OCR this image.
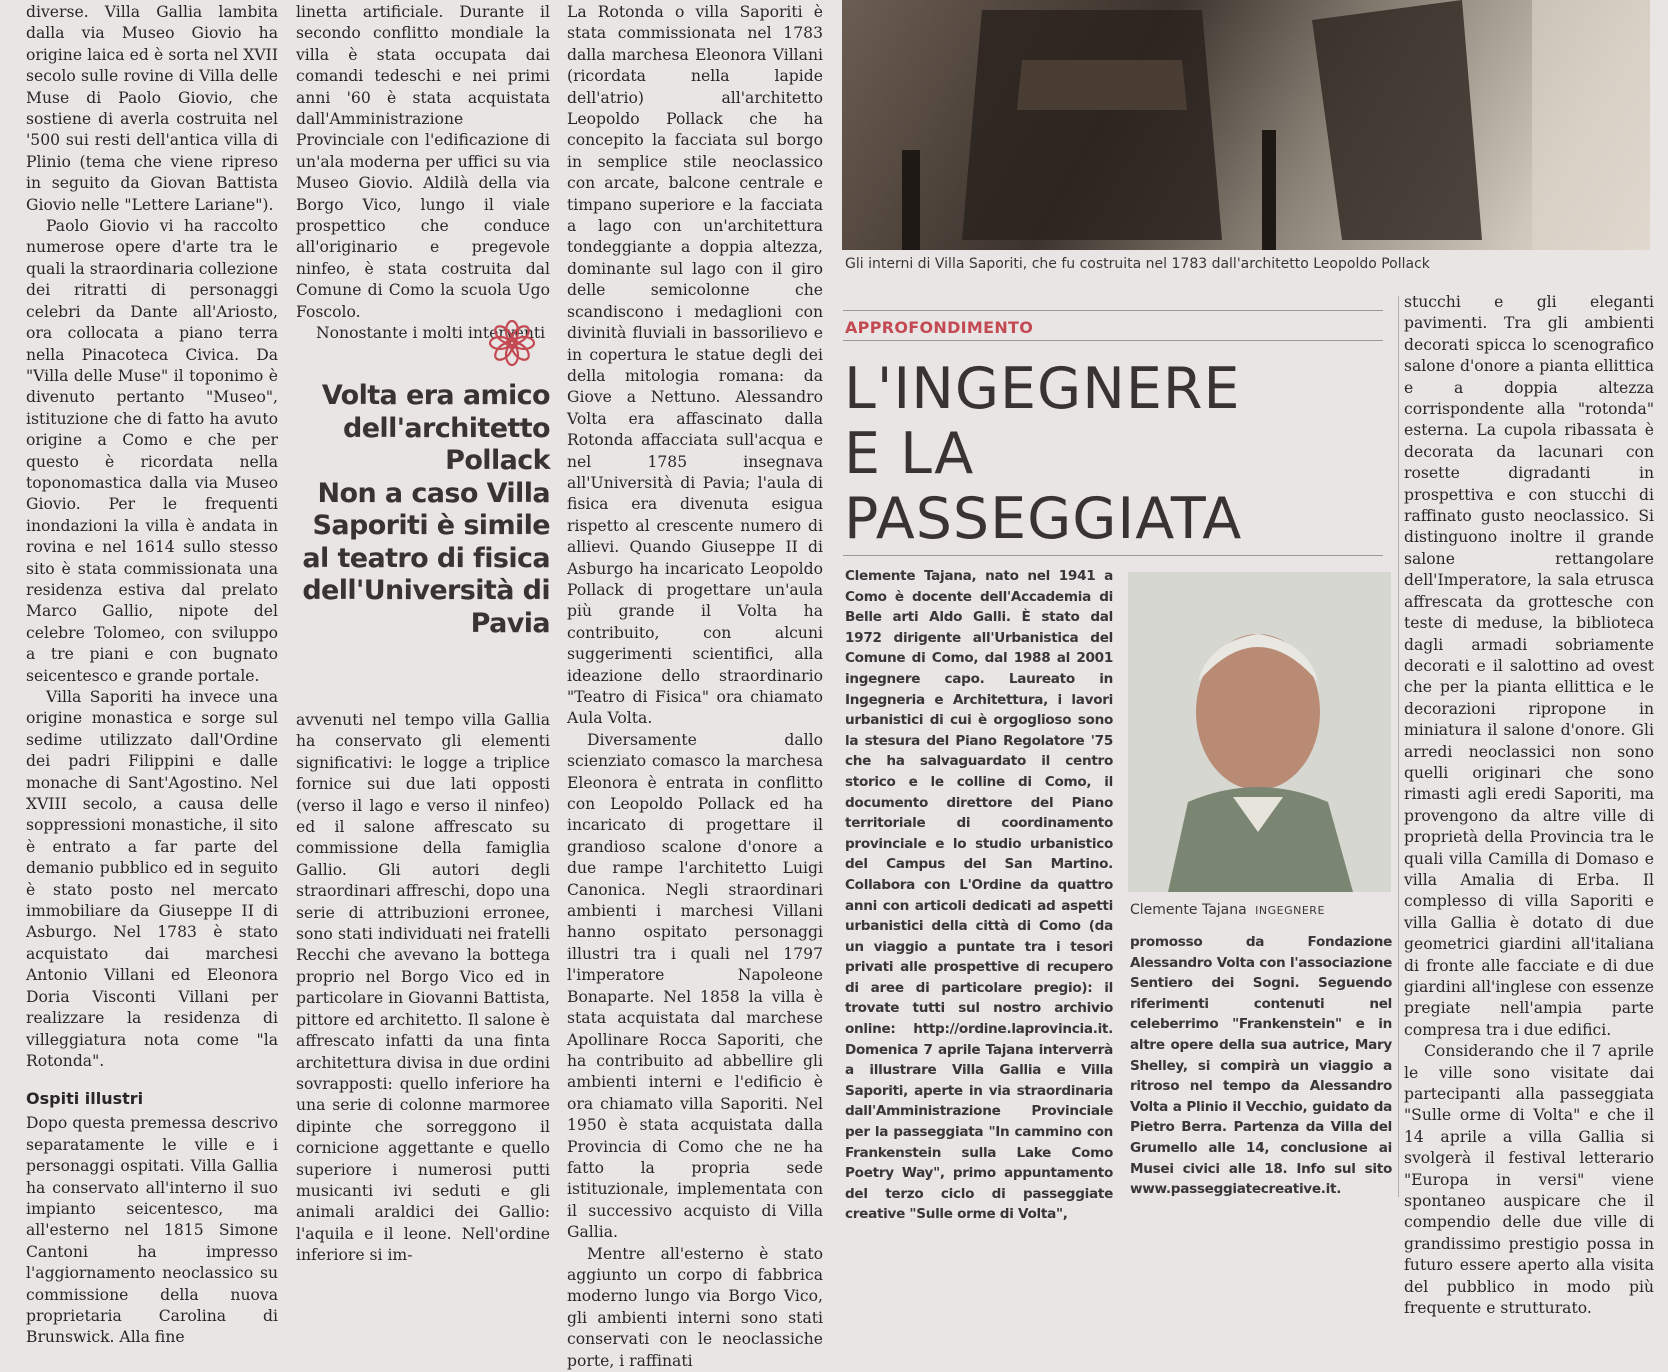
diverse. Villa Gallia lambita dalla via Museo Giovio ha origine laica ed è sorta nel XVII secolo sulle rovine di Villa delle Muse di Paolo Giovio, che sostiene di averla costruita nel '500 sui resti dell'antica villa di Plinio (tema che viene ripreso in seguito da Giovan Battista Giovio nelle "Lettere Lariane").

Paolo Giovio vi ha raccolto numerose opere d'arte tra le quali la straordinaria collezione dei ritratti di personaggi celebri da Dante all'Ariosto, ora collocata a piano terra nella Pinacoteca Civica. Da "Villa delle Muse" il toponimo è divenuto pertanto "Museo", istituzione che di fatto ha avuto origine a Como e che per questo è ricordata nella toponomastica dalla via Museo Giovio. Per le frequenti inondazioni la villa è andata in rovina e nel 1614 sullo stesso sito è stata commissionata una residenza estiva dal prelato Marco Gallio, nipote del celebre Tolomeo, con sviluppo a tre piani e con bugnato seicentesco e grande portale.

Villa Saporiti ha invece una origine monastica e sorge sul sedime utilizzato dall'Ordine dei padri Filippini e dalle monache di Sant'Agostino. Nel XVIII secolo, a causa delle soppressioni monastiche, il sito è entrato a far parte del demanio pubblico ed in seguito è stato posto nel mercato immobiliare da Giuseppe II di Asburgo. Nel 1783 è stato acquistato dai marchesi Antonio Villani ed Eleonora Doria Visconti Villani per realizzare la residenza di villeggiatura nota come "la Rotonda".

Ospiti illustri

Dopo questa premessa descrivo separatamente le ville e i personaggi ospitati. Villa Gallia ha conservato all'interno il suo impianto seicentesco, ma all'esterno nel 1815 Simone Cantoni ha impresso l'aggiornamento neoclassico su commissione della nuova proprietaria Carolina di Brunswick. Alla fine

linetta artificiale. Durante il secondo conflitto mondiale la villa è stata occupata dai comandi tedeschi e nei primi anni '60 è stata acquistata dall'Amministrazione Provinciale con l'edificazione di un'ala moderna per uffici su via Museo Giovio. Aldilà della via Borgo Vico, lungo il viale prospettico che conduce all'originario e pregevole ninfeo, è stata costruita dal Comune di Como la scuola Ugo Foscolo.

Nonostante i molti interventi

Volta era amico dell'architetto Pollack
Non a caso Villa Saporiti è simile al teatro di fisica dell'Università di Pavia

avvenuti nel tempo villa Gallia ha conservato gli elementi significativi: le logge a triplice fornice sui due lati opposti (verso il lago e verso il ninfeo) ed il salone affrescato su commissione della famiglia Gallio. Gli autori degli straordinari affreschi, dopo una serie di attribuzioni erronee, sono stati individuati nei fratelli Recchi che avevano la bottega proprio nel Borgo Vico ed in particolare in Giovanni Battista, pittore ed architetto. Il salone è affrescato infatti da una finta architettura divisa in due ordini sovrapposti: quello inferiore ha una serie di colonne marmoree dipinte che sorreggono il cornicione aggettante e quello superiore i numerosi putti musicanti ivi seduti e gli animali araldici dei Gallio: l'aquila e il leone. Nell'ordine inferiore si im-

La Rotonda o villa Saporiti è stata commissionata nel 1783 dalla marchesa Eleonora Villani (ricordata nella lapide dell'atrio) all'architetto Leopoldo Pollack che ha concepito la facciata sul borgo in semplice stile neoclassico con arcate, balcone centrale e timpano superiore e la facciata a lago con un'architettura tondeggiante a doppia altezza, dominante sul lago con il giro delle semicolonne che scandiscono i medaglioni con divinità fluviali in bassorilievo e in copertura le statue degli dei della mitologia romana: da Giove a Nettuno. Alessandro Volta era affascinato dalla Rotonda affacciata sull'acqua e nel 1785 insegnava all'Università di Pavia; l'aula di fisica era divenuta esigua rispetto al crescente numero di allievi. Quando Giuseppe II di Asburgo ha incaricato Leopoldo Pollack di progettare un'aula più grande il Volta ha contribuito, con alcuni suggerimenti scientifici, alla ideazione dello straordinario "Teatro di Fisica" ora chiamato Aula Volta.

Diversamente dallo scienziato comasco la marchesa Eleonora è entrata in conflitto con Leopoldo Pollack ed ha incaricato di progettare il grandioso scalone d'onore a due rampe l'architetto Luigi Canonica. Negli straordinari ambienti i marchesi Villani hanno ospitato personaggi illustri tra i quali nel 1797 l'imperatore Napoleone Bonaparte. Nel 1858 la villa è stata acquistata dal marchese Apollinare Rocca Saporiti, che ha contribuito ad abbellire gli ambienti interni e l'edificio è ora chiamato villa Saporiti. Nel 1950 è stata acquistata dalla Provincia di Como che ne ha fatto la propria sede istituzionale, implementata con il successivo acquisto di Villa Gallia.

Mentre all'esterno è stato aggiunto un corpo di fabbrica moderno lungo via Borgo Vico, gli ambienti interni sono stati conservati con le neoclassiche porte, i raffinati

Gli interni di Villa Saporiti, che fu costruita nel 1783 dall'architetto Leopoldo Pollack
APPROFONDIMENTO
L'INGEGNERE
E LA PASSEGGIATA
Clemente Tajana, nato nel 1941 a Como è docente dell'Accademia di Belle arti Aldo Galli. È stato dal 1972 dirigente all'Urbanistica del Comune di Como, dal 1988 al 2001 ingegnere capo. Laureato in Ingegneria e Architettura, i lavori urbanistici di cui è orgoglioso sono la stesura del Piano Regolatore '75 che ha salvaguardato il centro storico e le colline di Como, il documento direttore del Piano territoriale di coordinamento provinciale e lo studio urbanistico del Campus del San Martino. Collabora con L'Ordine da quattro anni con articoli dedicati ad aspetti urbanistici della città di Como (da un viaggio a puntate tra i tesori privati alle prospettive di recupero di aree di particolare pregio): il trovate tutti sul nostro archivio online: http://ordine.laprovincia.it. Domenica 7 aprile Tajana interverrà a illustrare Villa Gallia e Villa Saporiti, aperte in via straordinaria dall'Amministrazione Provinciale per la passeggiata "In cammino con Frankenstein sulla Lake Como Poetry Way", primo appuntamento del terzo ciclo di passeggiate creative "Sulle orme di Volta",
Clemente Tajana INGEGNERE
promosso da Fondazione Alessandro Volta con l'associazione Sentiero dei Sogni. Seguendo riferimenti contenuti nel celeberrimo "Frankenstein" e in altre opere della sua autrice, Mary Shelley, si compirà un viaggio a ritroso nel tempo da Alessandro Volta a Plinio il Vecchio, guidato da Pietro Berra. Partenza da Villa del Grumello alle 14, conclusione ai Musei civici alle 18. Info sul sito www.passeggiatecreative.it.

stucchi e gli eleganti pavimenti. Tra gli ambienti decorati spicca lo scenografico salone d'onore a pianta ellittica e a doppia altezza corrispondente alla "rotonda" esterna. La cupola ribassata è decorata da lacunari con rosette digradanti in prospettiva e con stucchi di raffinato gusto neoclassico. Si distinguono inoltre il grande salone rettangolare dell'Imperatore, la sala etrusca affrescata da grottesche con teste di meduse, la biblioteca dagli armadi sobriamente decorati e il salottino ad ovest che per la pianta ellittica e le decorazioni ripropone in miniatura il salone d'onore. Gli arredi neoclassici non sono quelli originari che sono rimasti agli eredi Saporiti, ma provengono da altre ville di proprietà della Provincia tra le quali villa Camilla di Domaso e villa Amalia di Erba. Il complesso di villa Saporiti e villa Gallia è dotato di due geometrici giardini all'italiana di fronte alle facciate e di due giardini all'inglese con essenze pregiate nell'ampia parte compresa tra i due edifici.

Considerando che il 7 aprile le ville sono visitate dai partecipanti alla passeggiata "Sulle orme di Volta" e che il 14 aprile a villa Gallia si svolgerà il festival letterario "Europa in versi" viene spontaneo auspicare che il compendio delle due ville di grandissimo prestigio possa in futuro essere aperto alla visita del pubblico in modo più frequente e strutturato.
